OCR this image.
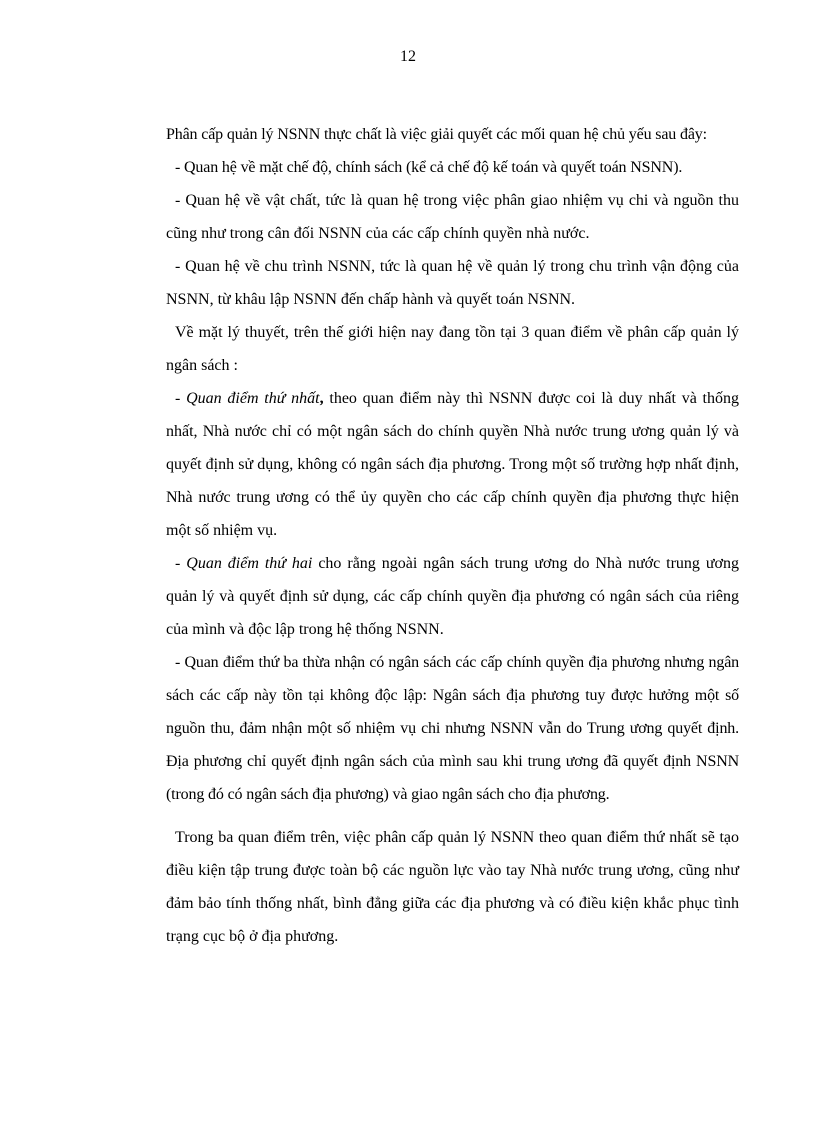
12

Phân cấp quản lý NSNN thực chất là việc giải quyết các mối quan hệ chủ yếu sau đây:

- Quan hệ về mặt chế độ, chính sách (kể cả chế độ kế toán và quyết toán NSNN).

- Quan hệ về vật chất, tức là quan hệ trong việc phân giao nhiệm vụ chi và nguồn thu cũng như trong cân đối NSNN của các cấp chính quyền nhà nước.

- Quan hệ về chu trình NSNN, tức là quan hệ về quản lý trong chu trình vận động của NSNN, từ khâu lập NSNN đến chấp hành và quyết toán NSNN.

Về mặt lý thuyết, trên thế giới hiện nay đang tồn tại 3 quan điểm về phân cấp quản lý ngân sách :

- Quan điểm thứ nhất, theo quan điểm này thì NSNN được coi là duy nhất và thống nhất, Nhà nước chỉ có một ngân sách do chính quyền Nhà nước trung ương quản lý và quyết định sử dụng, không có ngân sách địa phương. Trong một số trường hợp nhất định, Nhà nước trung ương có thể ủy quyền cho các cấp chính quyền địa phương thực hiện một số nhiệm vụ.

- Quan điểm thứ hai cho rằng ngoài ngân sách trung ương do Nhà nước trung ương quản lý và quyết định sử dụng, các cấp chính quyền địa phương có ngân sách của riêng của mình và độc lập trong hệ thống NSNN.

- Quan điểm thứ ba thừa nhận có ngân sách các cấp chính quyền địa phương nhưng ngân sách các cấp này tồn tại không độc lập: Ngân sách địa phương tuy được hưởng một số nguồn thu, đảm nhận một số nhiệm vụ chi nhưng NSNN vẫn do Trung ương quyết định. Địa phương chỉ quyết định ngân sách của mình sau khi trung ương đã quyết định NSNN (trong đó có ngân sách địa phương) và giao ngân sách cho địa phương.

Trong ba quan điểm trên, việc phân cấp quản lý NSNN theo quan điểm thứ nhất sẽ tạo điều kiện tập trung được toàn bộ các nguồn lực vào tay Nhà nước trung ương, cũng như đảm bảo tính thống nhất, bình đẳng giữa các địa phương và có điều kiện khắc phục tình trạng cục bộ ở địa phương.
